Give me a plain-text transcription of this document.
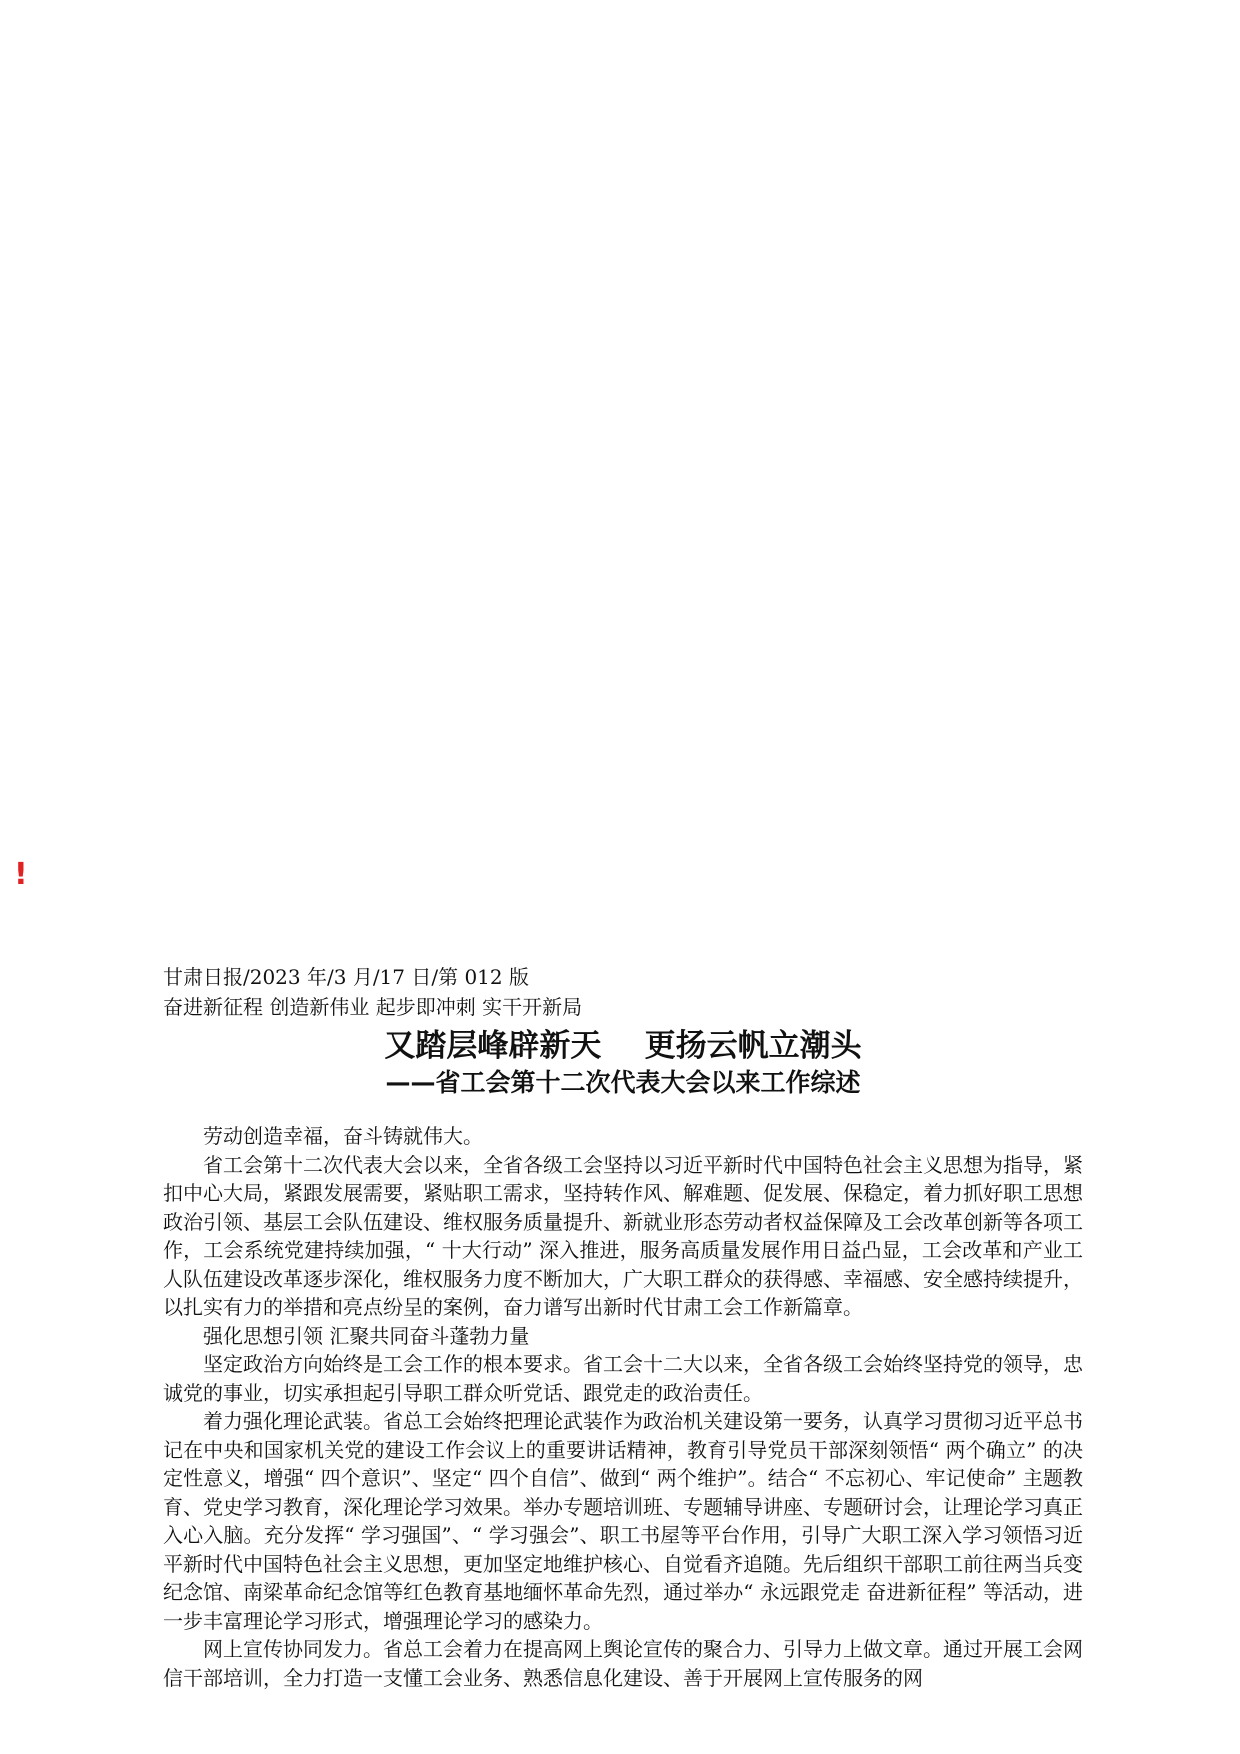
!

甘肃日报/2023 年/3 月/17 日/第 012 版

奋进新征程 创造新伟业 起步即冲刺 实干开新局

又踏层峰辟新天    更扬云帆立潮头
——省工会第十二次代表大会以来工作综述

劳动创造幸福，奋斗铸就伟大。

省工会第十二次代表大会以来，全省各级工会坚持以习近平新时代中国特色社会主义思想为指导，紧扣中心大局，紧跟发展需要，紧贴职工需求，坚持转作风、解难题、促发展、保稳定，着力抓好职工思想政治引领、基层工会队伍建设、维权服务质量提升、新就业形态劳动者权益保障及工会改革创新等各项工作，工会系统党建持续加强，“ 十大行动” 深入推进，服务高质量发展作用日益凸显，工会改革和产业工人队伍建设改革逐步深化，维权服务力度不断加大，广大职工群众的获得感、幸福感、安全感持续提升，以扎实有力的举措和亮点纷呈的案例，奋力谱写出新时代甘肃工会工作新篇章。

强化思想引领 汇聚共同奋斗蓬勃力量

坚定政治方向始终是工会工作的根本要求。省工会十二大以来，全省各级工会始终坚持党的领导，忠诚党的事业，切实承担起引导职工群众听党话、跟党走的政治责任。

着力强化理论武装。省总工会始终把理论武装作为政治机关建设第一要务，认真学习贯彻习近平总书记在中央和国家机关党的建设工作会议上的重要讲话精神，教育引导党员干部深刻领悟“ 两个确立” 的决定性意义，增强“ 四个意识”、坚定“ 四个自信”、做到“ 两个维护”。结合“ 不忘初心、牢记使命” 主题教育、党史学习教育，深化理论学习效果。举办专题培训班、专题辅导讲座、专题研讨会，让理论学习真正入心入脑。充分发挥“ 学习强国”、“ 学习强会”、职工书屋等平台作用，引导广大职工深入学习领悟习近平新时代中国特色社会主义思想，更加坚定地维护核心、自觉看齐追随。先后组织干部职工前往两当兵变纪念馆、南梁革命纪念馆等红色教育基地缅怀革命先烈，通过举办“ 永远跟党走 奋进新征程” 等活动，进一步丰富理论学习形式，增强理论学习的感染力。

网上宣传协同发力。省总工会着力在提高网上舆论宣传的聚合力、引导力上做文章。通过开展工会网信干部培训，全力打造一支懂工会业务、熟悉信息化建设、善于开展网上宣传服务的网
